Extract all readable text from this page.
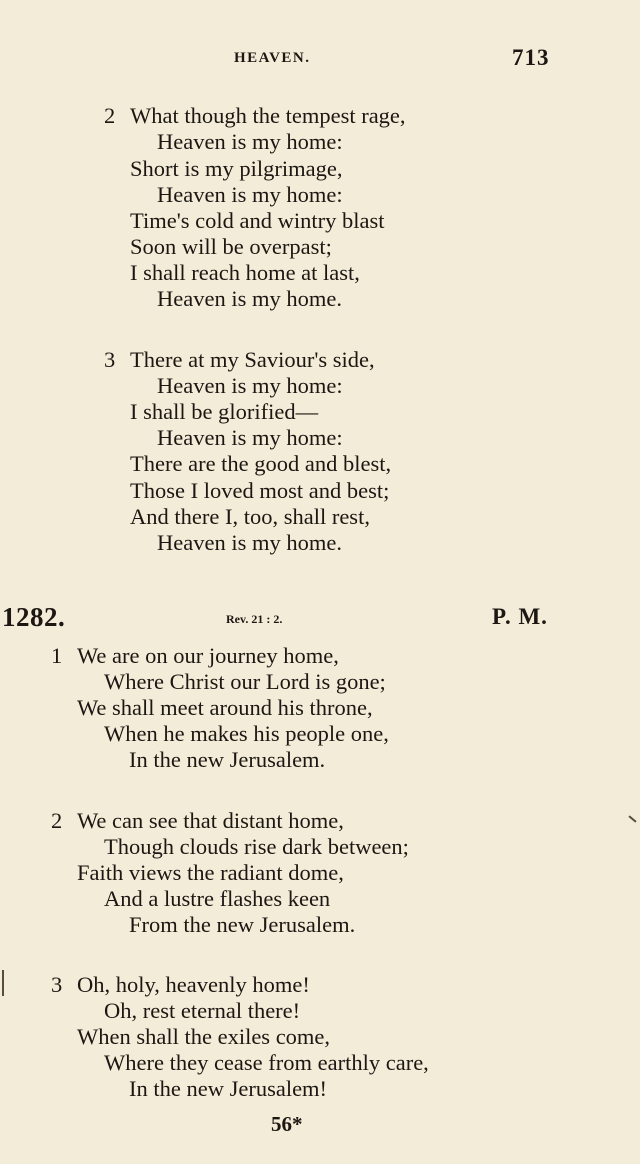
HEAVEN.	713
2 What though the tempest rage,
Heaven is my home:
Short is my pilgrimage,
Heaven is my home:
Time's cold and wintry blast
Soon will be overpast;
I shall reach home at last,
Heaven is my home.
3 There at my Saviour's side,
Heaven is my home:
I shall be glorified—
Heaven is my home:
There are the good and blest,
Those I loved most and best;
And there I, too, shall rest,
Heaven is my home.
1282.	Rev. 21 : 2.	P. M.
1 We are on our journey home,
Where Christ our Lord is gone;
We shall meet around his throne,
When he makes his people one,
In the new Jerusalem.
2 We can see that distant home,
Though clouds rise dark between;
Faith views the radiant dome,
And a lustre flashes keen
From the new Jerusalem.
3 Oh, holy, heavenly home!
Oh, rest eternal there!
When shall the exiles come,
Where they cease from earthly care,
In the new Jerusalem!
56*
